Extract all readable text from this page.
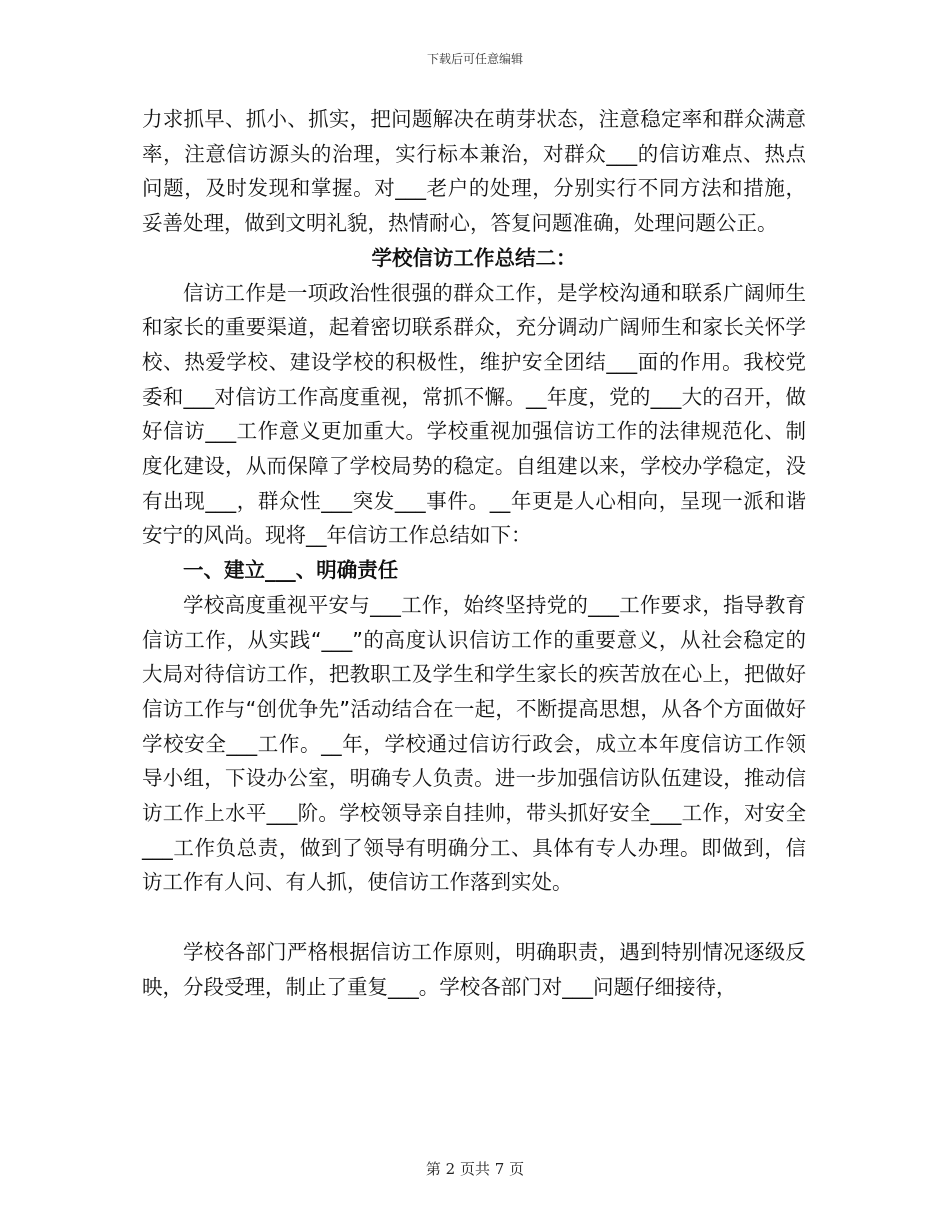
下载后可任意编辑

力求抓早、抓小、抓实，把问题解决在萌芽状态，注意稳定率和群众满意率，注意信访源头的治理，实行标本兼治，对群众___的信访难点、热点问题，及时发现和掌握。对___老户的处理，分别实行不同方法和措施，妥善处理，做到文明礼貌，热情耐心，答复问题准确，处理问题公正。

学校信访工作总结二：

信访工作是一项政治性很强的群众工作，是学校沟通和联系广阔师生和家长的重要渠道，起着密切联系群众，充分调动广阔师生和家长关怀学校、热爱学校、建设学校的积极性，维护安全团结___面的作用。我校党委和___对信访工作高度重视，常抓不懈。__年度，党的___大的召开，做好信访___工作意义更加重大。学校重视加强信访工作的法律规范化、制度化建设，从而保障了学校局势的稳定。自组建以来，学校办学稳定，没有出现___，群众性___突发___事件。__年更是人心相向，呈现一派和谐安宁的风尚。现将__年信访工作总结如下：

一、建立___、明确责任

学校高度重视平安与___工作，始终坚持党的___工作要求，指导教育信访工作，从实践“___”的高度认识信访工作的重要意义，从社会稳定的大局对待信访工作，把教职工及学生和学生家长的疾苦放在心上，把做好信访工作与“创优争先”活动结合在一起，不断提高思想，从各个方面做好学校安全___工作。__年，学校通过信访行政会，成立本年度信访工作领导小组，下设办公室，明确专人负责。进一步加强信访队伍建设，推动信访工作上水平___阶。学校领导亲自挂帅，带头抓好安全___工作，对安全___工作负总责，做到了领导有明确分工、具体有专人办理。即做到，信访工作有人问、有人抓，使信访工作落到实处。

学校各部门严格根据信访工作原则，明确职责，遇到特别情况逐级反映，分段受理，制止了重复___。学校各部门对___问题仔细接待，

第 2 页共 7 页
